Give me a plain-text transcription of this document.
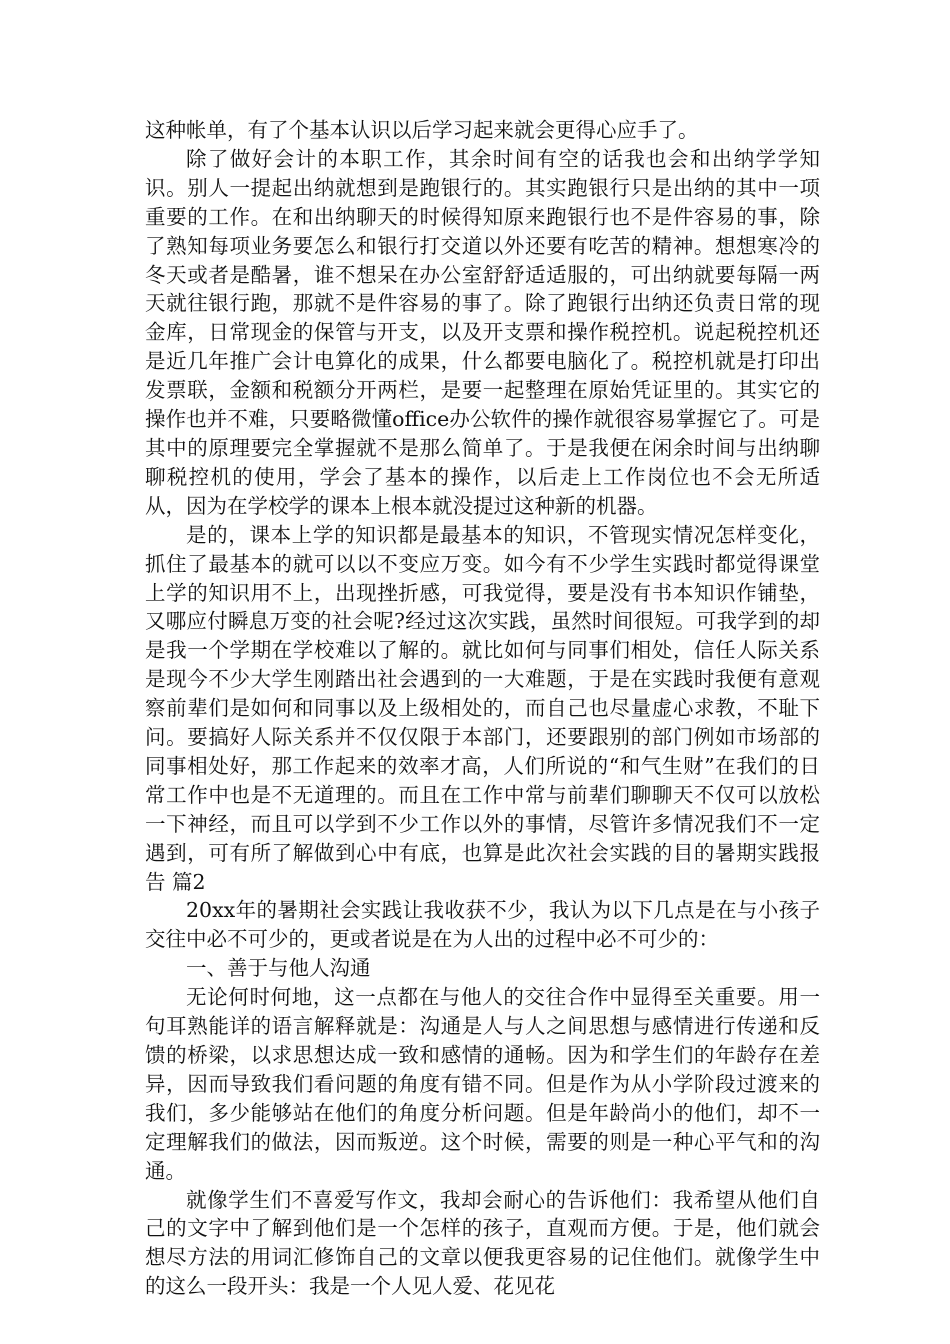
这种帐单，有了个基本认识以后学习起来就会更得心应手了。

除了做好会计的本职工作，其余时间有空的话我也会和出纳学学知识。别人一提起出纳就想到是跑银行的。其实跑银行只是出纳的其中一项重要的工作。在和出纳聊天的时候得知原来跑银行也不是件容易的事，除了熟知每项业务要怎么和银行打交道以外还要有吃苦的精神。想想寒冷的冬天或者是酷暑，谁不想呆在办公室舒舒适适服的，可出纳就要每隔一两天就往银行跑，那就不是件容易的事了。除了跑银行出纳还负责日常的现金库，日常现金的保管与开支，以及开支票和操作税控机。说起税控机还是近几年推广会计电算化的成果，什么都要电脑化了。税控机就是打印出发票联，金额和税额分开两栏，是要一起整理在原始凭证里的。其实它的操作也并不难，只要略微懂office办公软件的操作就很容易掌握它了。可是其中的原理要完全掌握就不是那么简单了。于是我便在闲余时间与出纳聊聊税控机的使用，学会了基本的操作，以后走上工作岗位也不会无所适从，因为在学校学的课本上根本就没提过这种新的机器。

是的，课本上学的知识都是最基本的知识，不管现实情况怎样变化，抓住了最基本的就可以以不变应万变。如今有不少学生实践时都觉得课堂上学的知识用不上，出现挫折感，可我觉得，要是没有书本知识作铺垫，又哪应付瞬息万变的社会呢?经过这次实践，虽然时间很短。可我学到的却是我一个学期在学校难以了解的。就比如何与同事们相处，信任人际关系是现今不少大学生刚踏出社会遇到的一大难题，于是在实践时我便有意观察前辈们是如何和同事以及上级相处的，而自己也尽量虚心求教，不耻下问。要搞好人际关系并不仅仅限于本部门，还要跟别的部门例如市场部的同事相处好，那工作起来的效率才高，人们所说的“和气生财”在我们的日常工作中也是不无道理的。而且在工作中常与前辈们聊聊天不仅可以放松一下神经，而且可以学到不少工作以外的事情，尽管许多情况我们不一定遇到，可有所了解做到心中有底，也算是此次社会实践的目的暑期实践报告 篇2

20xx年的暑期社会实践让我收获不少，我认为以下几点是在与小孩子交往中必不可少的，更或者说是在为人出的过程中必不可少的：

一、善于与他人沟通

无论何时何地，这一点都在与他人的交往合作中显得至关重要。用一句耳熟能详的语言解释就是：沟通是人与人之间思想与感情进行传递和反馈的桥梁，以求思想达成一致和感情的通畅。因为和学生们的年龄存在差异，因而导致我们看问题的角度有错不同。但是作为从小学阶段过渡来的我们，多少能够站在他们的角度分析问题。但是年龄尚小的他们，却不一定理解我们的做法，因而叛逆。这个时候，需要的则是一种心平气和的沟通。

就像学生们不喜爱写作文，我却会耐心的告诉他们：我希望从他们自己的文字中了解到他们是一个怎样的孩子，直观而方便。于是，他们就会想尽方法的用词汇修饰自己的文章以便我更容易的记住他们。就像学生中的这么一段开头：我是一个人见人爱、花见花
